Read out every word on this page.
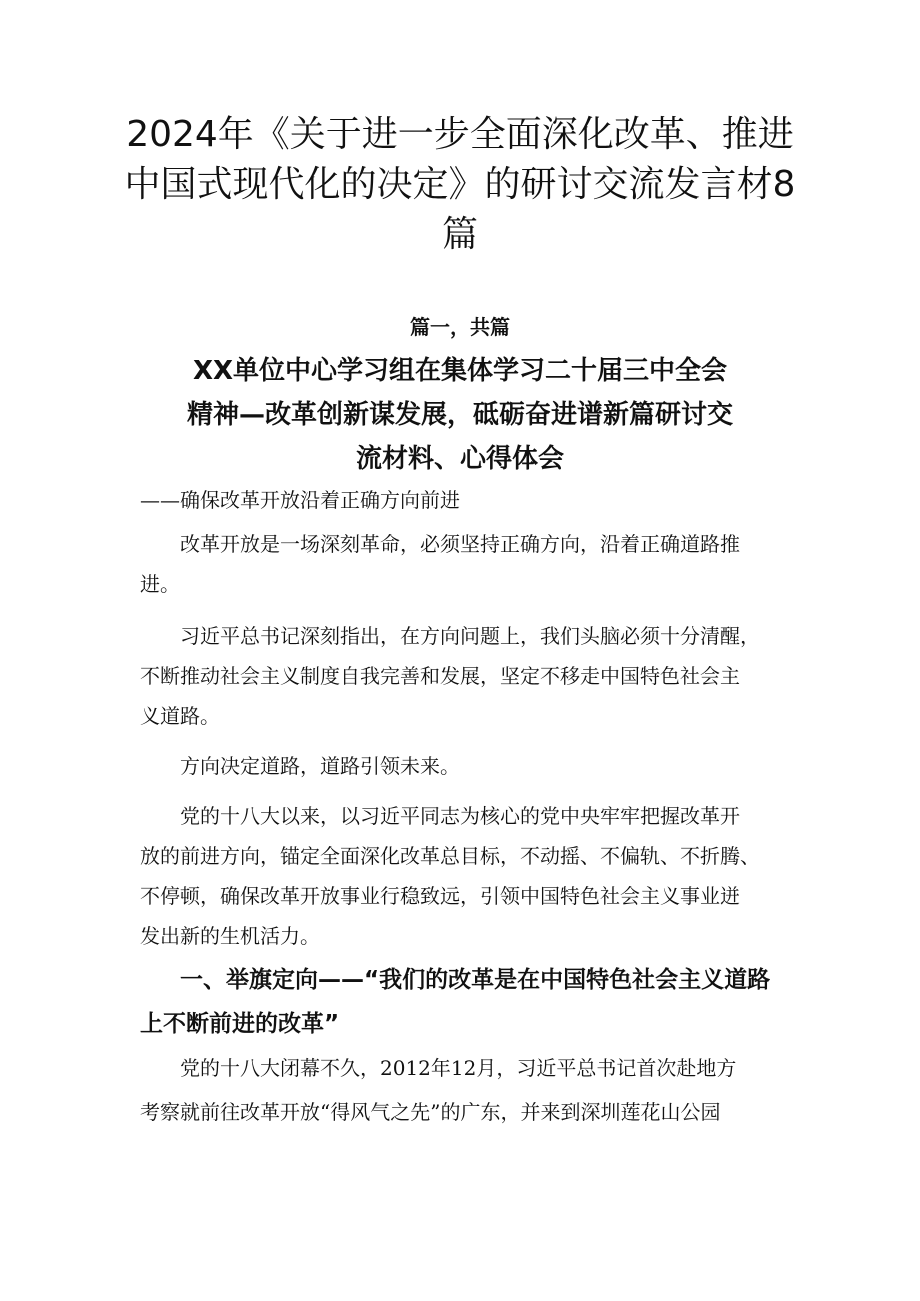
2024年《关于进一步全面深化改革、推进
中国式现代化的决定》的研讨交流发言材8
篇
篇一，共篇
XX单位中心学习组在集体学习二十届三中全会
精神—改革创新谋发展，砥砺奋进谱新篇研讨交
流材料、心得体会
——确保改革开放沿着正确方向前进
改革开放是一场深刻革命，必须坚持正确方向，沿着正确道路推
进。
习近平总书记深刻指出，在方向问题上，我们头脑必须十分清醒，
不断推动社会主义制度自我完善和发展，坚定不移走中国特色社会主
义道路。
方向决定道路，道路引领未来。
党的十八大以来，以习近平同志为核心的党中央牢牢把握改革开
放的前进方向，锚定全面深化改革总目标，不动摇、不偏轨、不折腾、
不停顿，确保改革开放事业行稳致远，引领中国特色社会主义事业迸
发出新的生机活力。
一、举旗定向——“我们的改革是在中国特色社会主义道路
上不断前进的改革”
党的十八大闭幕不久，2012年12月，习近平总书记首次赴地方
考察就前往改革开放“得风气之先”的广东，并来到深圳莲花山公园
